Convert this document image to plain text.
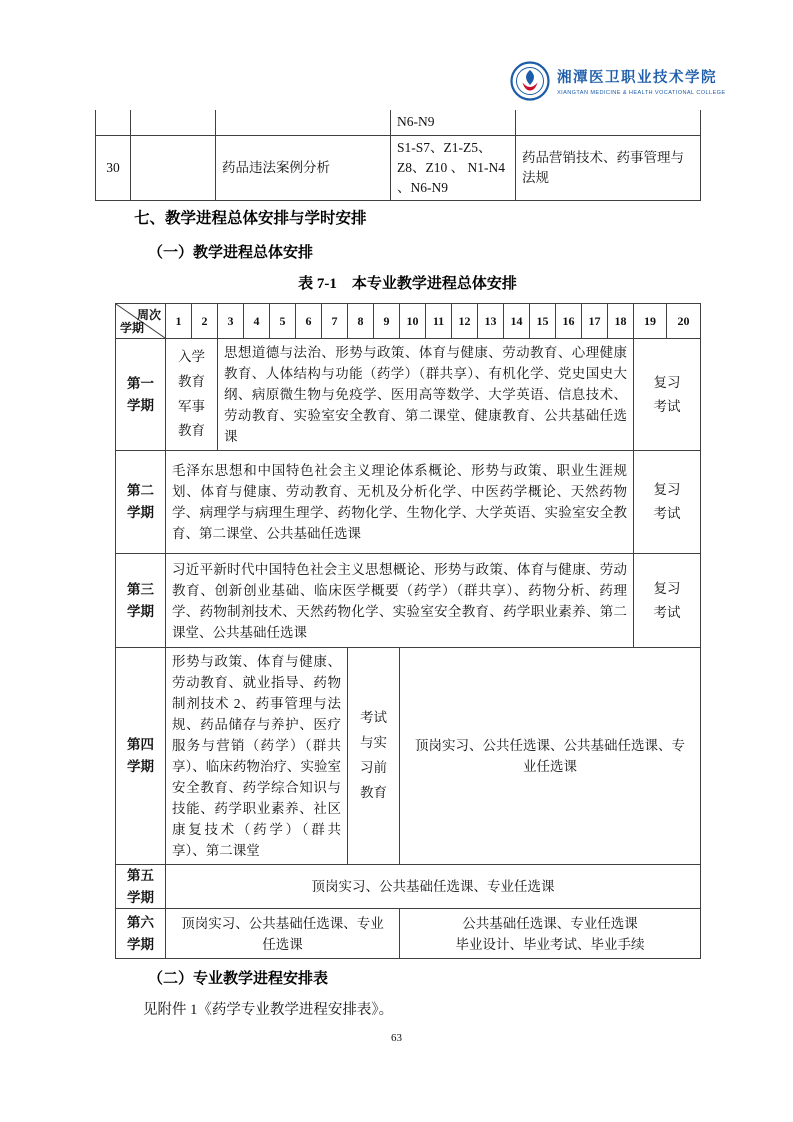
湘潭医卫职业技术学院
XIANGTAN MEDICINE & HEALTH VOCATIONAL COLLEGE
			N6-N9	
30		药品违法案例分析	S1-S7、Z1-Z5、Z8、Z10 、 N1-N4 、N6-N9	药品营销技术、药事管理与法规
七、教学进程总体安排与学时安排
（一）教学进程总体安排
表 7-1　本专业教学进程总体安排
周次
学期	1	2	3	4	5	6	7	8	9	10	11	12	13	14	15	16	17	18	19	20
第一学期	入学教育军事教育		思想道德与法治、形势与政策、体育与健康、劳动教育、心理健康教育、人体结构与功能（药学）（群共享）、有机化学、党史国史大纲、病原微生物与免疫学、医用高等数学、大学英语、信息技术、劳动教育、实验室安全教育、第二课堂、健康教育、公共基础任选课																复习考试	
第二学期	毛泽东思想和中国特色社会主义理论体系概论、形势与政策、职业生涯规划、体育与健康、劳动教育、无机及分析化学、中医药学概论、天然药物学、病理学与病理生理学、药物化学、生物化学、大学英语、实验室安全教育、第二课堂、公共基础任选课																		复习考试	
第三学期	习近平新时代中国特色社会主义思想概论、形势与政策、体育与健康、劳动教育、创新创业基础、临床医学概要（药学）（群共享）、药物分析、药理学、药物制剂技术、天然药物化学、实验室安全教育、药学职业素养、第二课堂、公共基础任选课																		复习考试	
第四学期	形势与政策、体育与健康、劳动教育、就业指导、药物制剂技术 2、药事管理与法规、药品储存与养护、医疗服务与营销（药学）（群共享）、临床药物治疗、实验室安全教育、药学综合知识与技能、药学职业素养、社区康复技术（药学）（群共享）、第二课堂							考试与实习前教育		顶岗实习、公共任选课、公共基础任选课、专业任选课										
第五学期	顶岗实习、公共基础任选课、专业任选课																			
第六学期	顶岗实习、公共基础任选课、专业任选课									公共基础任选课、专业任选课
毕业设计、毕业考试、毕业手续										
（二）专业教学进程安排表
见附件 1《药学专业教学进程安排表》。
63
